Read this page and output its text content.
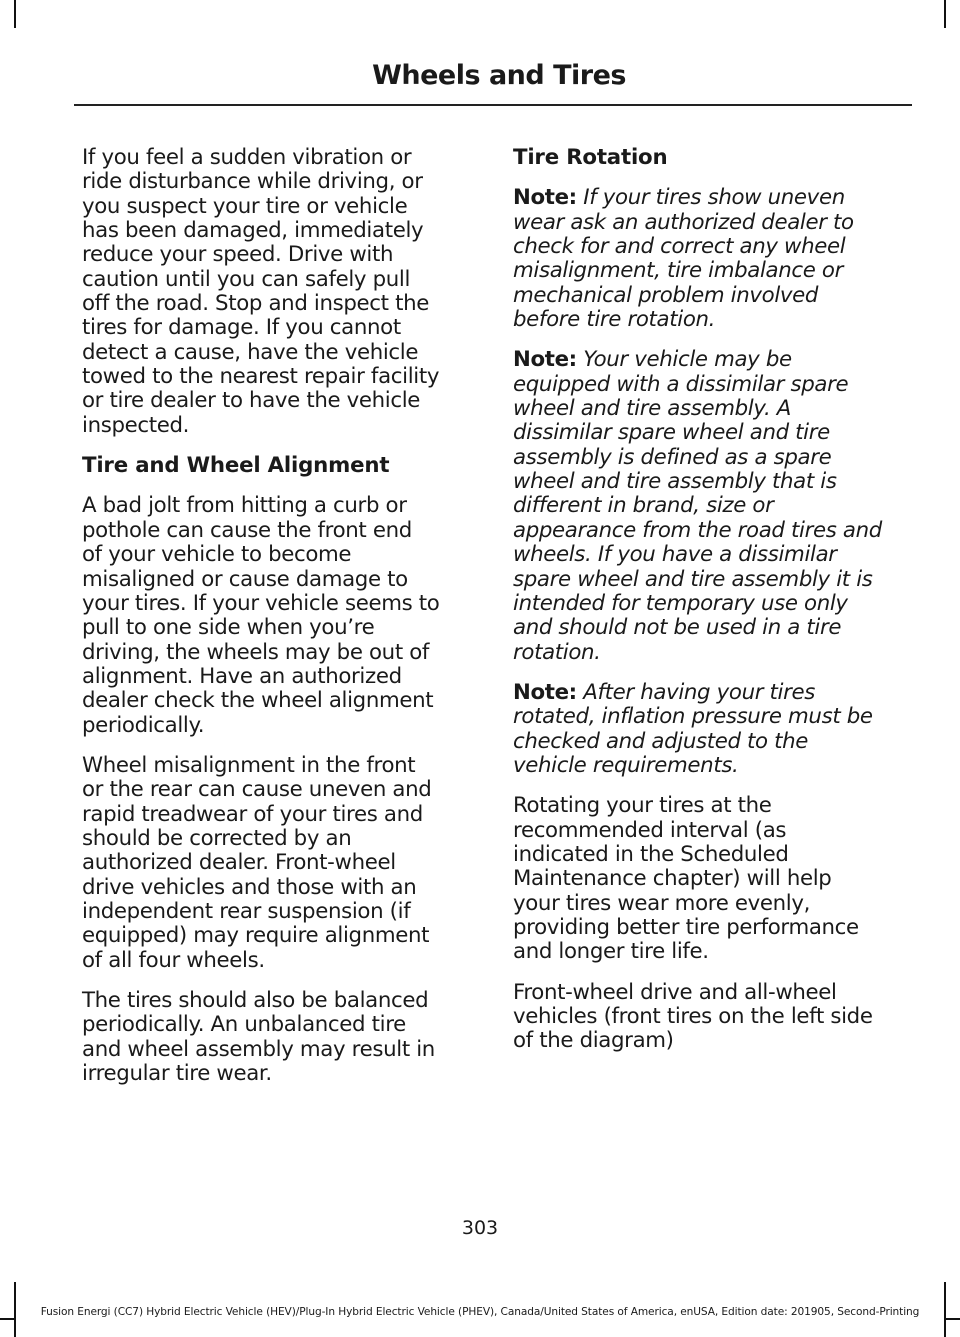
Wheels and Tires

If you feel a sudden vibration or
ride disturbance while driving, or
you suspect your tire or vehicle
has been damaged, immediately
reduce your speed. Drive with
caution until you can safely pull
off the road. Stop and inspect the
tires for damage. If you cannot
detect a cause, have the vehicle
towed to the nearest repair facility
or tire dealer to have the vehicle
inspected.

Tire and Wheel Alignment

A bad jolt from hitting a curb or
pothole can cause the front end
of your vehicle to become
misaligned or cause damage to
your tires. If your vehicle seems to
pull to one side when you’re
driving, the wheels may be out of
alignment. Have an authorized
dealer check the wheel alignment
periodically.

Wheel misalignment in the front
or the rear can cause uneven and
rapid treadwear of your tires and
should be corrected by an
authorized dealer. Front-wheel
drive vehicles and those with an
independent rear suspension (if
equipped) may require alignment
of all four wheels.

The tires should also be balanced
periodically. An unbalanced tire
and wheel assembly may result in
irregular tire wear.

Tire Rotation

Note: If your tires show uneven
wear ask an authorized dealer to
check for and correct any wheel
misalignment, tire imbalance or
mechanical problem involved
before tire rotation.

Note: Your vehicle may be
equipped with a dissimilar spare
wheel and tire assembly. A
dissimilar spare wheel and tire
assembly is defined as a spare
wheel and tire assembly that is
different in brand, size or
appearance from the road tires and
wheels. If you have a dissimilar
spare wheel and tire assembly it is
intended for temporary use only
and should not be used in a tire
rotation.

Note: After having your tires
rotated, inflation pressure must be
checked and adjusted to the
vehicle requirements.

Rotating your tires at the
recommended interval (as
indicated in the Scheduled
Maintenance chapter) will help
your tires wear more evenly,
providing better tire performance
and longer tire life.

Front-wheel drive and all-wheel
vehicles (front tires on the left side
of the diagram)

303
Fusion Energi (CC7) Hybrid Electric Vehicle (HEV)/Plug-In Hybrid Electric Vehicle (PHEV), Canada/United States of America, enUSA, Edition date: 201905, Second-Printing
